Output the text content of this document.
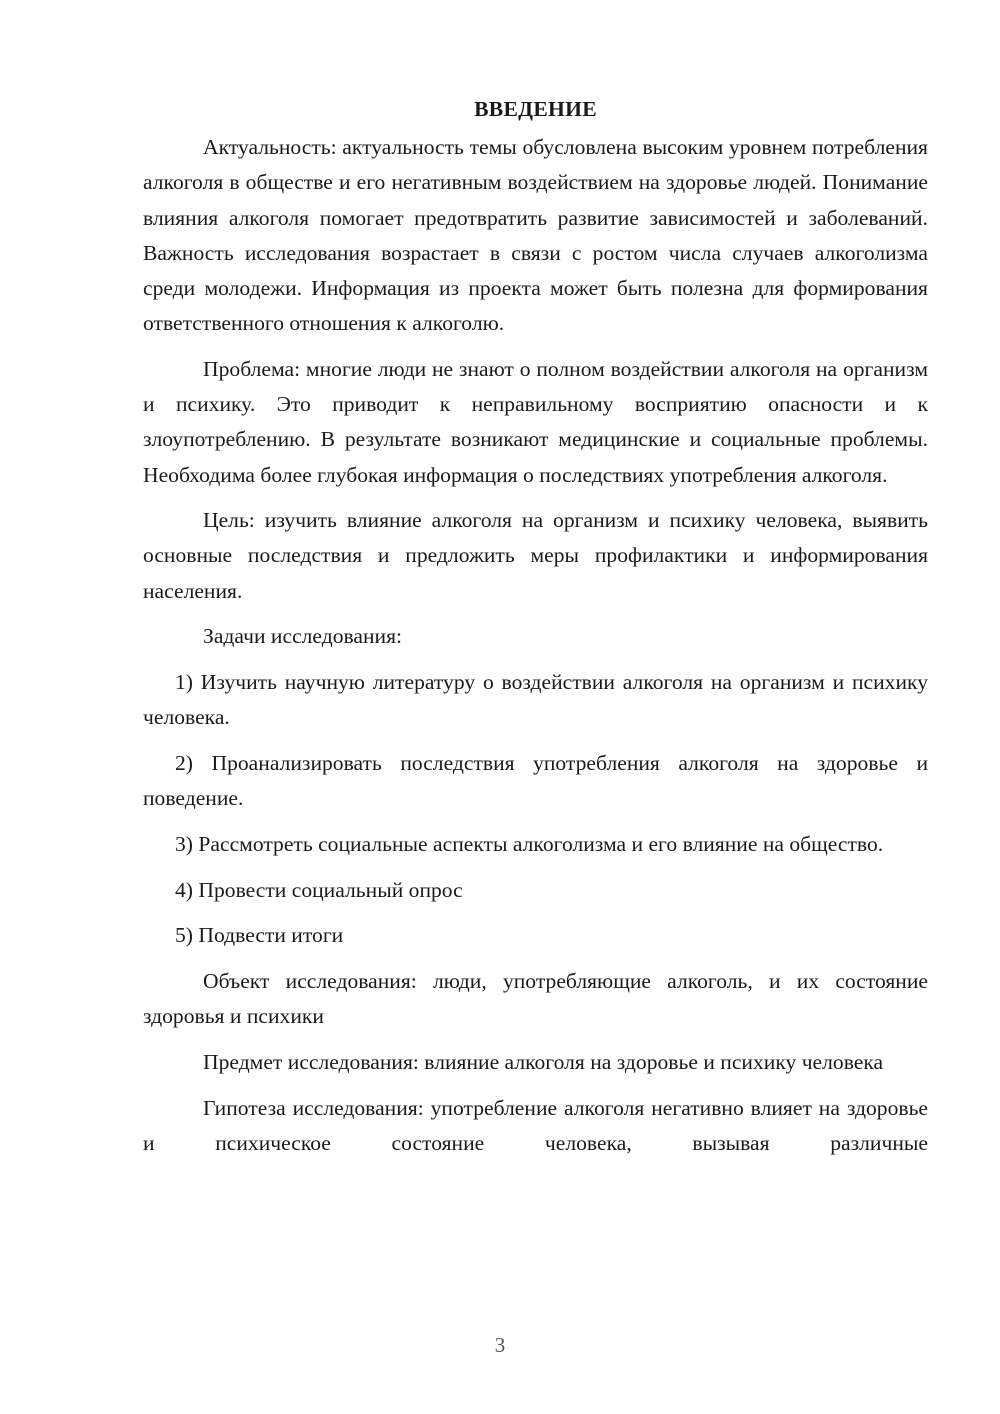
ВВЕДЕНИЕ

Актуальность: актуальность темы обусловлена высоким уровнем потребления алкоголя в обществе и его негативным воздействием на здоровье людей. Понимание влияния алкоголя помогает предотвратить развитие зависимостей и заболеваний. Важность исследования возрастает в связи с ростом числа случаев алкоголизма среди молодежи. Информация из проекта может быть полезна для формирования ответственного отношения к алкоголю.

Проблема: многие люди не знают о полном воздействии алкоголя на организм и психику. Это приводит к неправильному восприятию опасности и к злоупотреблению. В результате возникают медицинские и социальные проблемы. Необходима более глубокая информация о последствиях употребления алкоголя.

Цель: изучить влияние алкоголя на организм и психику человека, выявить основные последствия и предложить меры профилактики и информирования населения.

Задачи исследования:

1) Изучить научную литературу о воздействии алкоголя на организм и психику человека.

2) Проанализировать последствия употребления алкоголя на здоровье и поведение.

3) Рассмотреть социальные аспекты алкоголизма и его влияние на общество.

4) Провести социальный опрос

5) Подвести итоги

Объект исследования: люди, употребляющие алкоголь, и их состояние здоровья и психики

Предмет исследования: влияние алкоголя на здоровье и психику человека

Гипотеза исследования: употребление алкоголя негативно влияет на здоровье и психическое состояние человека, вызывая различные

3
